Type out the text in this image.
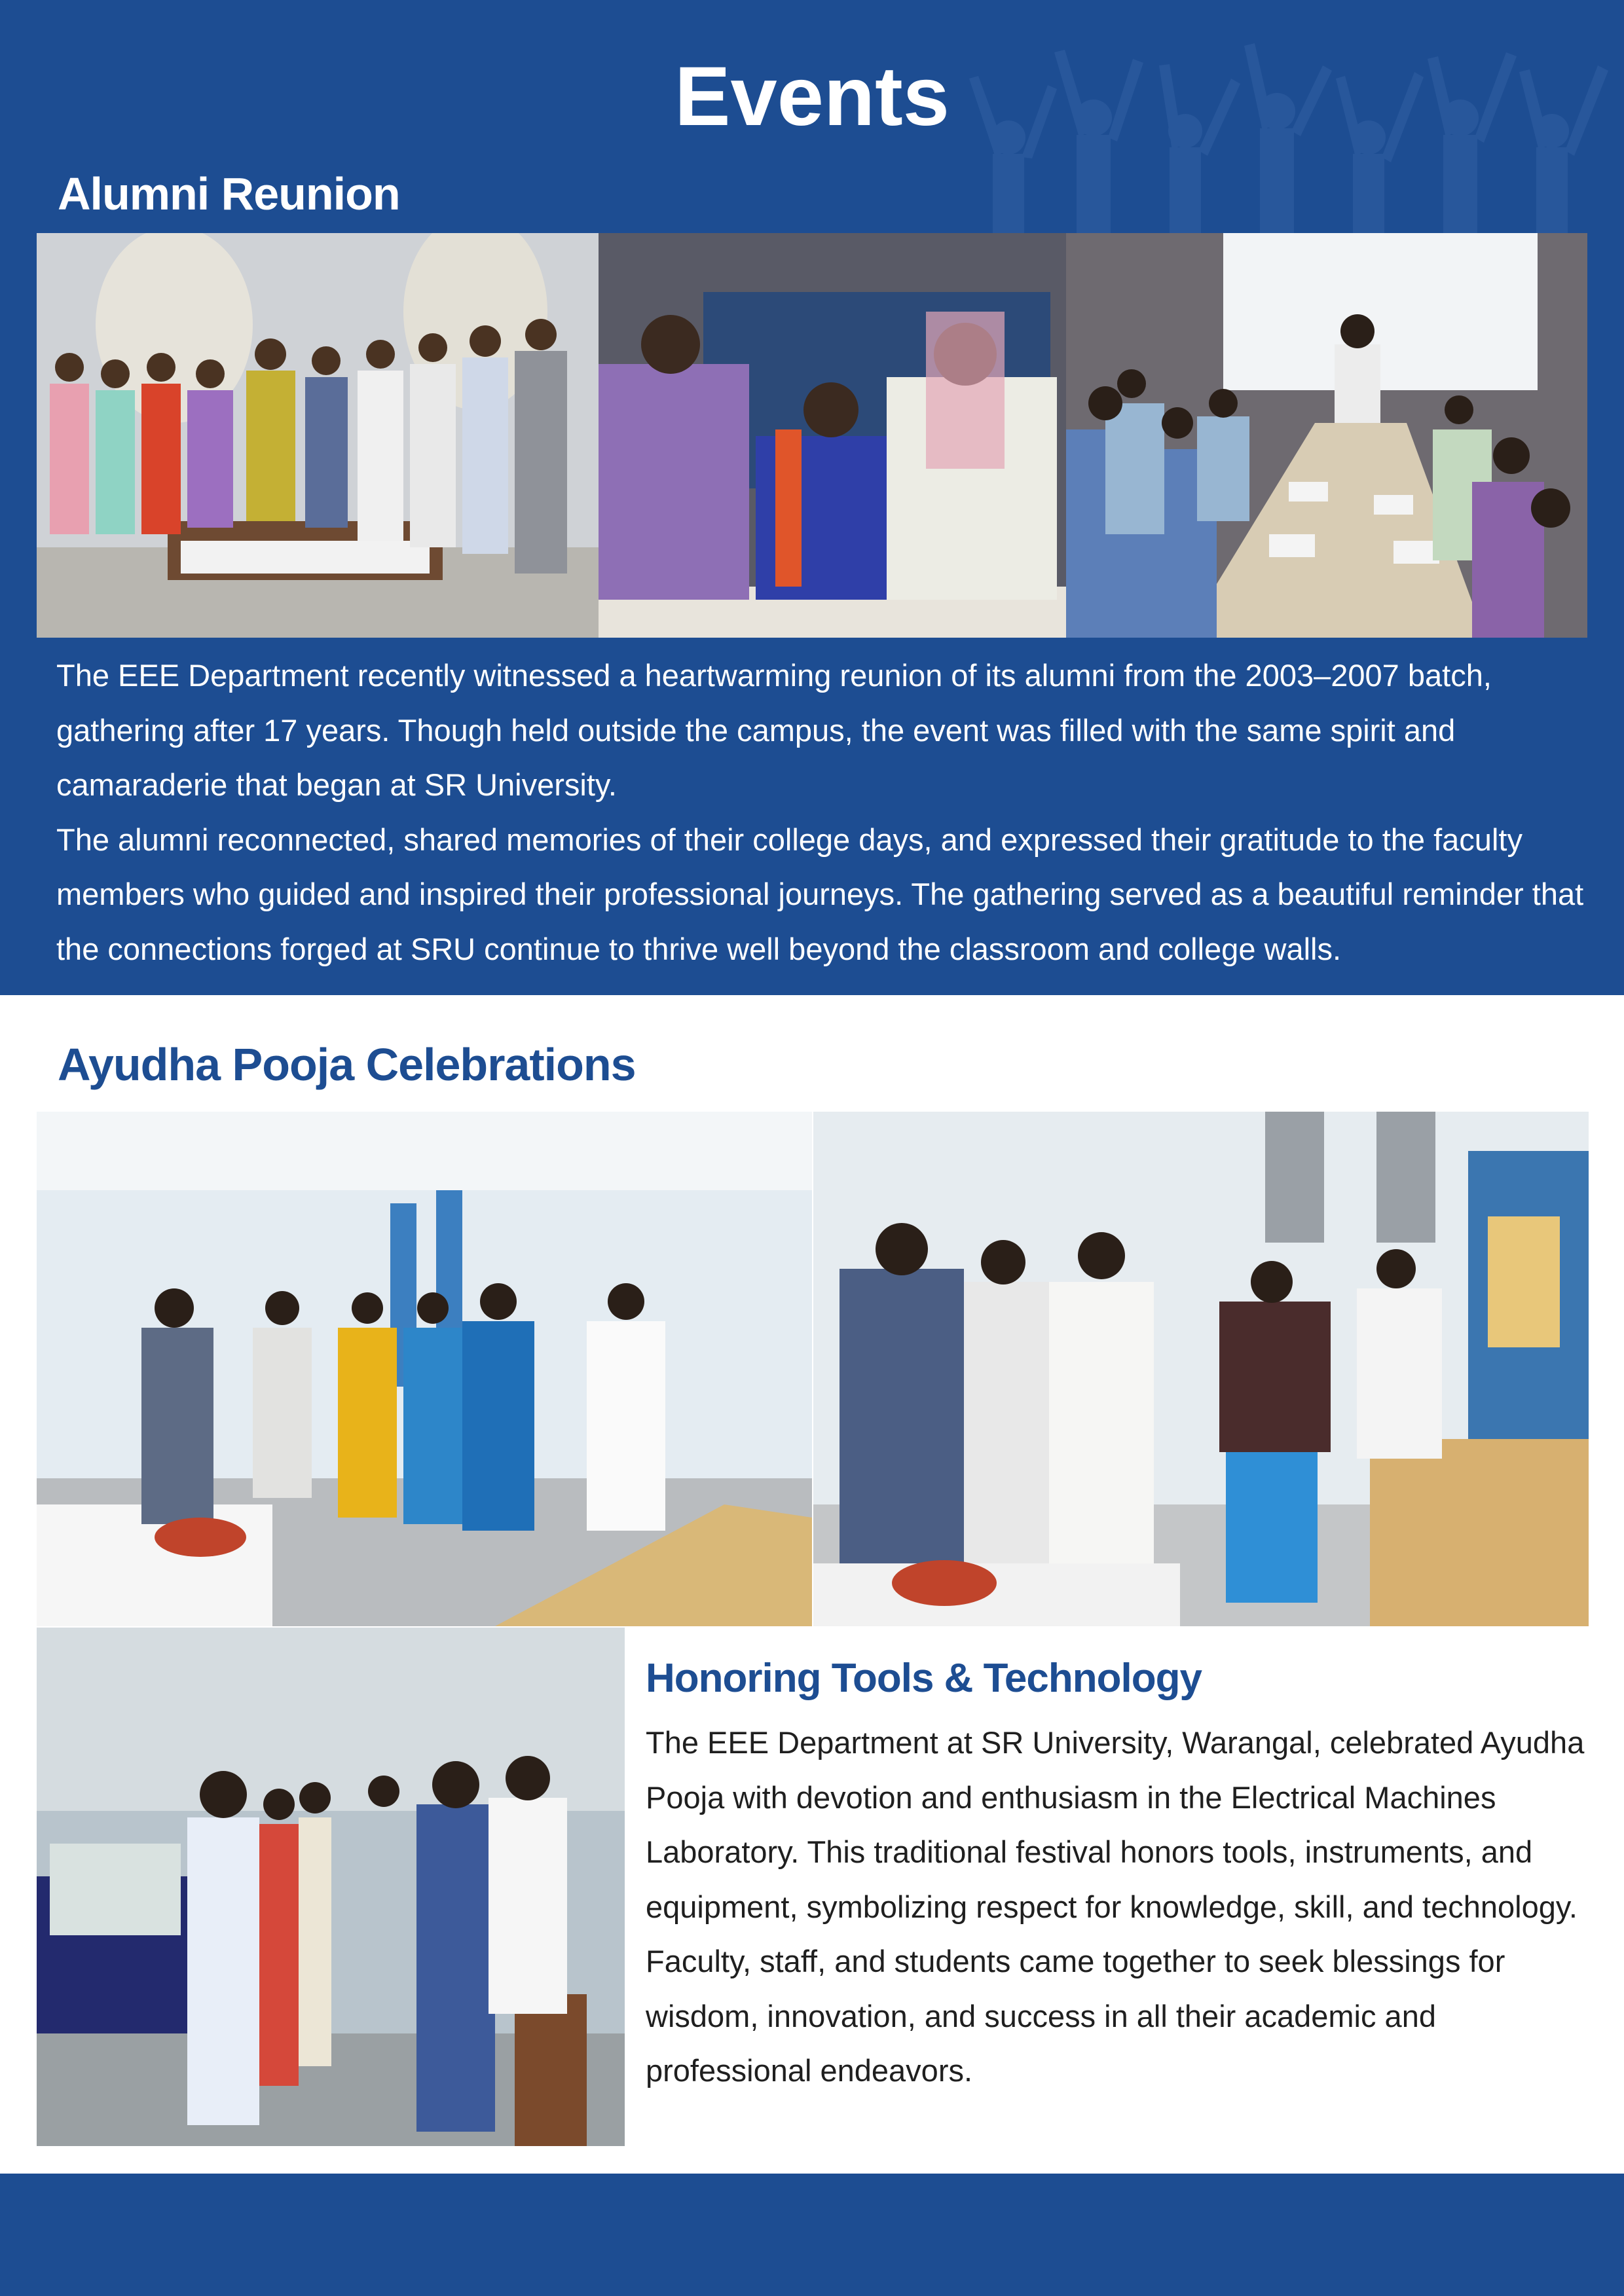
Events
Alumni Reunion

The EEE Department recently witnessed a heartwarming reunion of its alumni from the 2003–2007 batch, gathering after 17 years. Though held outside the campus, the event was filled with the same spirit and camaraderie that began at SR University.

The alumni reconnected, shared memories of their college days, and expressed their gratitude to the faculty members who guided and inspired their professional journeys. The gathering served as a beautiful reminder that the connections forged at SRU continue to thrive well beyond the classroom and college walls.

Ayudha Pooja Celebrations
Honoring Tools & Technology

The EEE Department at SR University, Warangal, celebrated Ayudha Pooja with devotion and enthusiasm in the Electrical Machines Laboratory. This traditional festival honors tools, instruments, and equipment, symbolizing respect for knowledge, skill, and technology.

Faculty, staff, and students came together to seek blessings for wisdom, innovation, and success in all their academic and professional endeavors.
